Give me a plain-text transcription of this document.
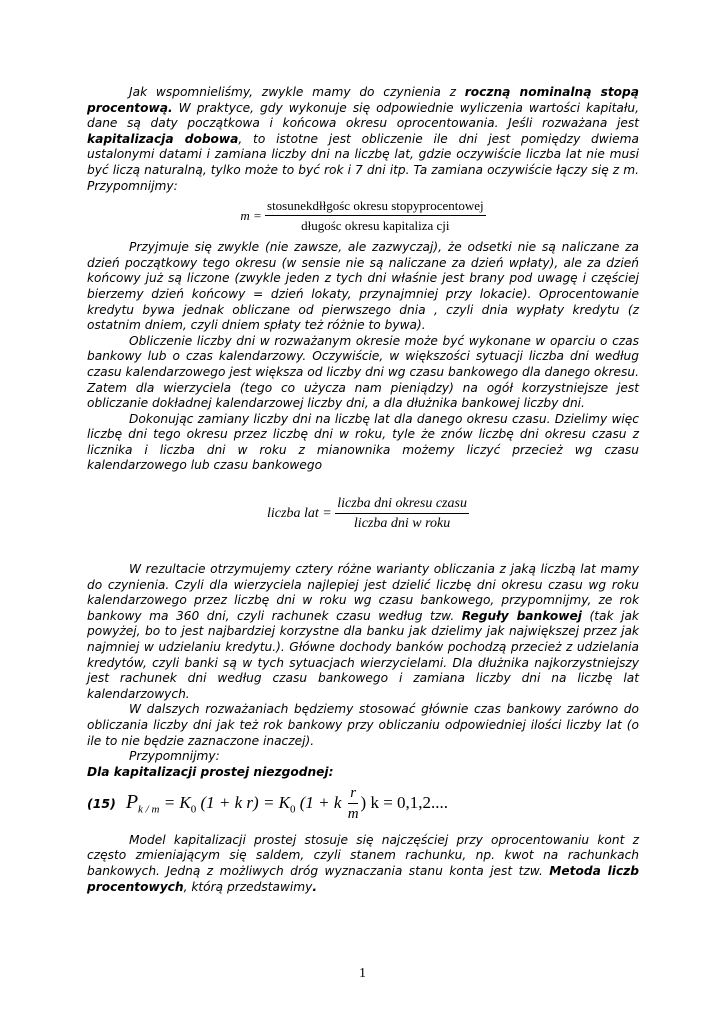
Jak wspomnieliśmy, zwykle mamy do czynienia z roczną nominalną stopą procentową. W praktyce, gdy wykonuje się odpowiednie wyliczenia wartości kapitału, dane są daty początkowa i końcowa okresu oprocentowania. Jeśli rozważana jest kapitalizacja dobowa, to istotne jest obliczenie ile dni jest pomiędzy dwiema ustalonymi datami i zamiana liczby dni na liczbę lat, gdzie oczywiście liczba lat nie musi być liczą naturalną, tylko może to być rok i 7 dni itp. Ta zamiana oczywiście łączy się z m. Przypomnijmy:

$m = \frac{\text{stosunekdłłgośc okresu stopyprocentowej}}{\text{długośc okresu kapitaliza cji}}$

Przyjmuje się zwykle (nie zawsze, ale zazwyczaj), że odsetki nie są naliczane za dzień początkowy tego okresu (w sensie nie są naliczane za dzień wpłaty), ale za dzień końcowy już są liczone (zwykle jeden z tych dni właśnie jest brany pod uwagę i częściej bierzemy dzień końcowy = dzień lokaty, przynajmniej przy lokacie). Oprocentowanie kredytu bywa jednak obliczane od pierwszego dnia , czyli dnia wypłaty kredytu (z ostatnim dniem, czyli dniem spłaty też różnie to bywa).

Obliczenie liczby dni w rozważanym okresie może być wykonane w oparciu o czas bankowy lub o czas kalendarzowy. Oczywiście, w większości sytuacji liczba dni według czasu kalendarzowego jest większa od liczby dni wg czasu bankowego dla danego okresu. Zatem dla wierzyciela (tego co użycza nam pieniądzy) na ogół korzystniejsze jest obliczanie dokładnej kalendarzowej liczby dni, a dla dłużnika bankowej liczby dni.

Dokonując zamiany liczby dni na liczbę lat dla danego okresu czasu. Dzielimy więc liczbę dni tego okresu przez liczbę dni w roku, tyle że znów liczbę dni okresu czasu z licznika i liczba dni w roku z mianownika możemy liczyć przecież wg czasu kalendarzowego lub czasu bankowego

liczba lat = $\frac{\text{liczba dni okresu czasu}}{\text{liczba dni w roku}}$

W rezultacie otrzymujemy cztery różne warianty obliczania z jaką liczbą lat mamy do czynienia. Czyli dla wierzyciela najlepiej jest dzielić liczbę dni okresu czasu wg roku kalendarzowego przez liczbę dni w roku wg czasu bankowego, przypomnijmy, ze rok bankowy ma 360 dni, czyli rachunek czasu według tzw. Reguły bankowej (tak jak powyżej, bo to jest najbardziej korzystne dla banku jak dzielimy jak największej przez jak najmniej w udzielaniu kredytu.). Główne dochody banków pochodzą przecież z udzielania kredytów, czyli banki są w tych sytuacjach wierzycielami. Dla dłużnika najkorzystniejszy jest rachunek dni według czasu bankowego i zamiana liczby dni na liczbę lat kalendarzowych.

W dalszych rozważaniach będziemy stosować głównie czas bankowy zarówno do obliczania liczby dni jak też rok bankowy przy obliczaniu odpowiedniej ilości liczby lat (o ile to nie będzie zaznaczone inaczej).

Przypomnijmy:

Dla kapitalizacji prostej niezgodnej:

(15) $P_{k / m} = K_0$ (1 + k $r) = K_0$ (1 + k $\frac{r}{m}$ ) k = 0,1,2....

Model kapitalizacji prostej stosuje się najczęściej przy oprocentowaniu kont z często zmieniającym się saldem, czyli stanem rachunku, np. kwot na rachunkach bankowych. Jedną z możliwych dróg wyznaczania stanu konta jest tzw. Metoda liczb procentowych, którą przedstawimy.

1
